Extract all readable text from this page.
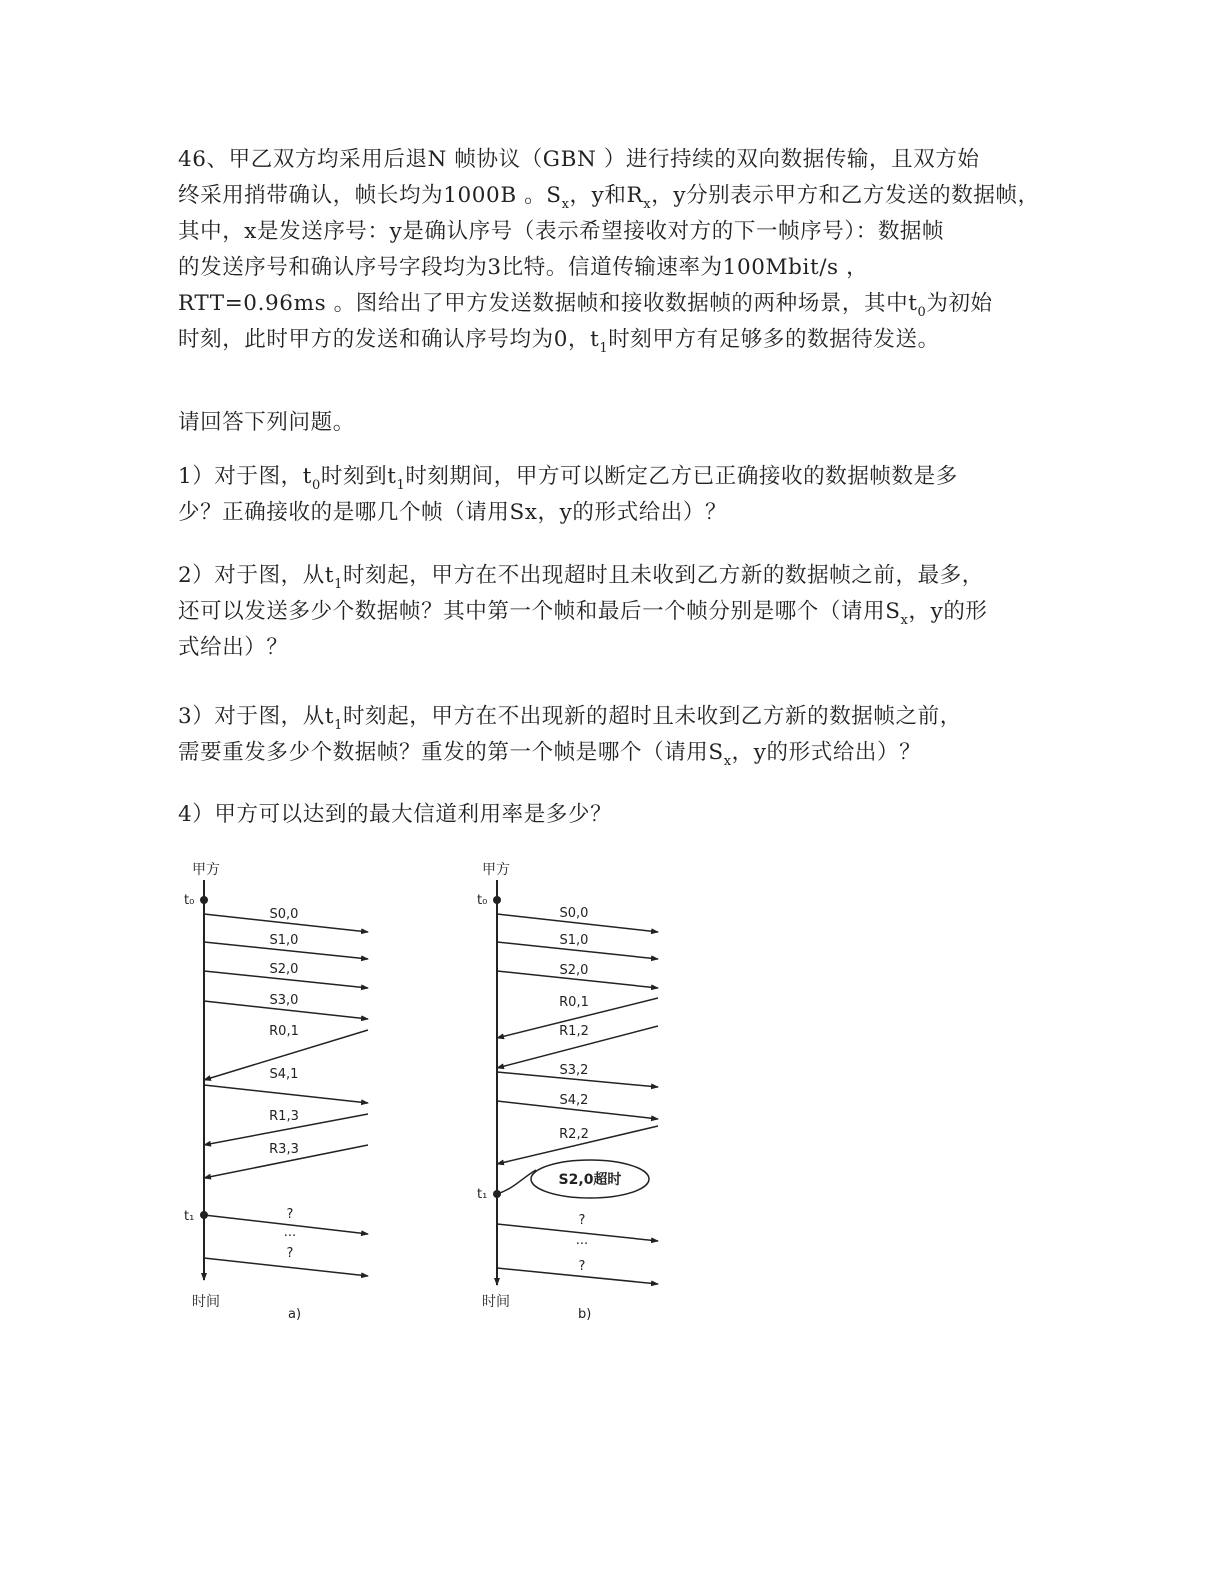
46、甲乙双方均采用后退N 帧协议（GBN ）进行持续的双向数据传输，且双方始
终采用捎带确认，帧长均为1000B 。$S_x$，y和$R_x$，y分别表示甲方和乙方发送的数据帧，
其中，x是发送序号：y是确认序号（表示希望接收对方的下一帧序号）：数据帧
的发送序号和确认序号字段均为3比特。信道传输速率为100Mbit/s ，
RTT=0.96ms 。图给出了甲方发送数据帧和接收数据帧的两种场景，其中$t_0$为初始
时刻，此时甲方的发送和确认序号均为0，$t_1$时刻甲方有足够多的数据待发送。
请回答下列问题。
1）对于图，$t_0$时刻到$t_1$时刻期间，甲方可以断定乙方已正确接收的数据帧数是多
少？正确接收的是哪几个帧（请用Sx，y的形式给出）？
2）对于图，从$t_1$时刻起，甲方在不出现超时且未收到乙方新的数据帧之前，最多，
还可以发送多少个数据帧？其中第一个帧和最后一个帧分别是哪个（请用$S_x$，y的形
式给出）？
3）对于图，从$t_1$时刻起，甲方在不出现新的超时且未收到乙方新的数据帧之前，
需要重发多少个数据帧？重发的第一个帧是哪个（请用$S_x$，y的形式给出）？
4）甲方可以达到的最大信道利用率是多少？
甲方
t₀
t₁
时间
a)
S0,0
S1,0
S2,0
S3,0
R0,1
S4,1
R1,3
R3,3
?
···
?
甲方
t₀
t₁
S2,0超时
时间
b)
S0,0
S1,0
S2,0
R0,1
R1,2
S3,2
S4,2
R2,2
?
···
?
